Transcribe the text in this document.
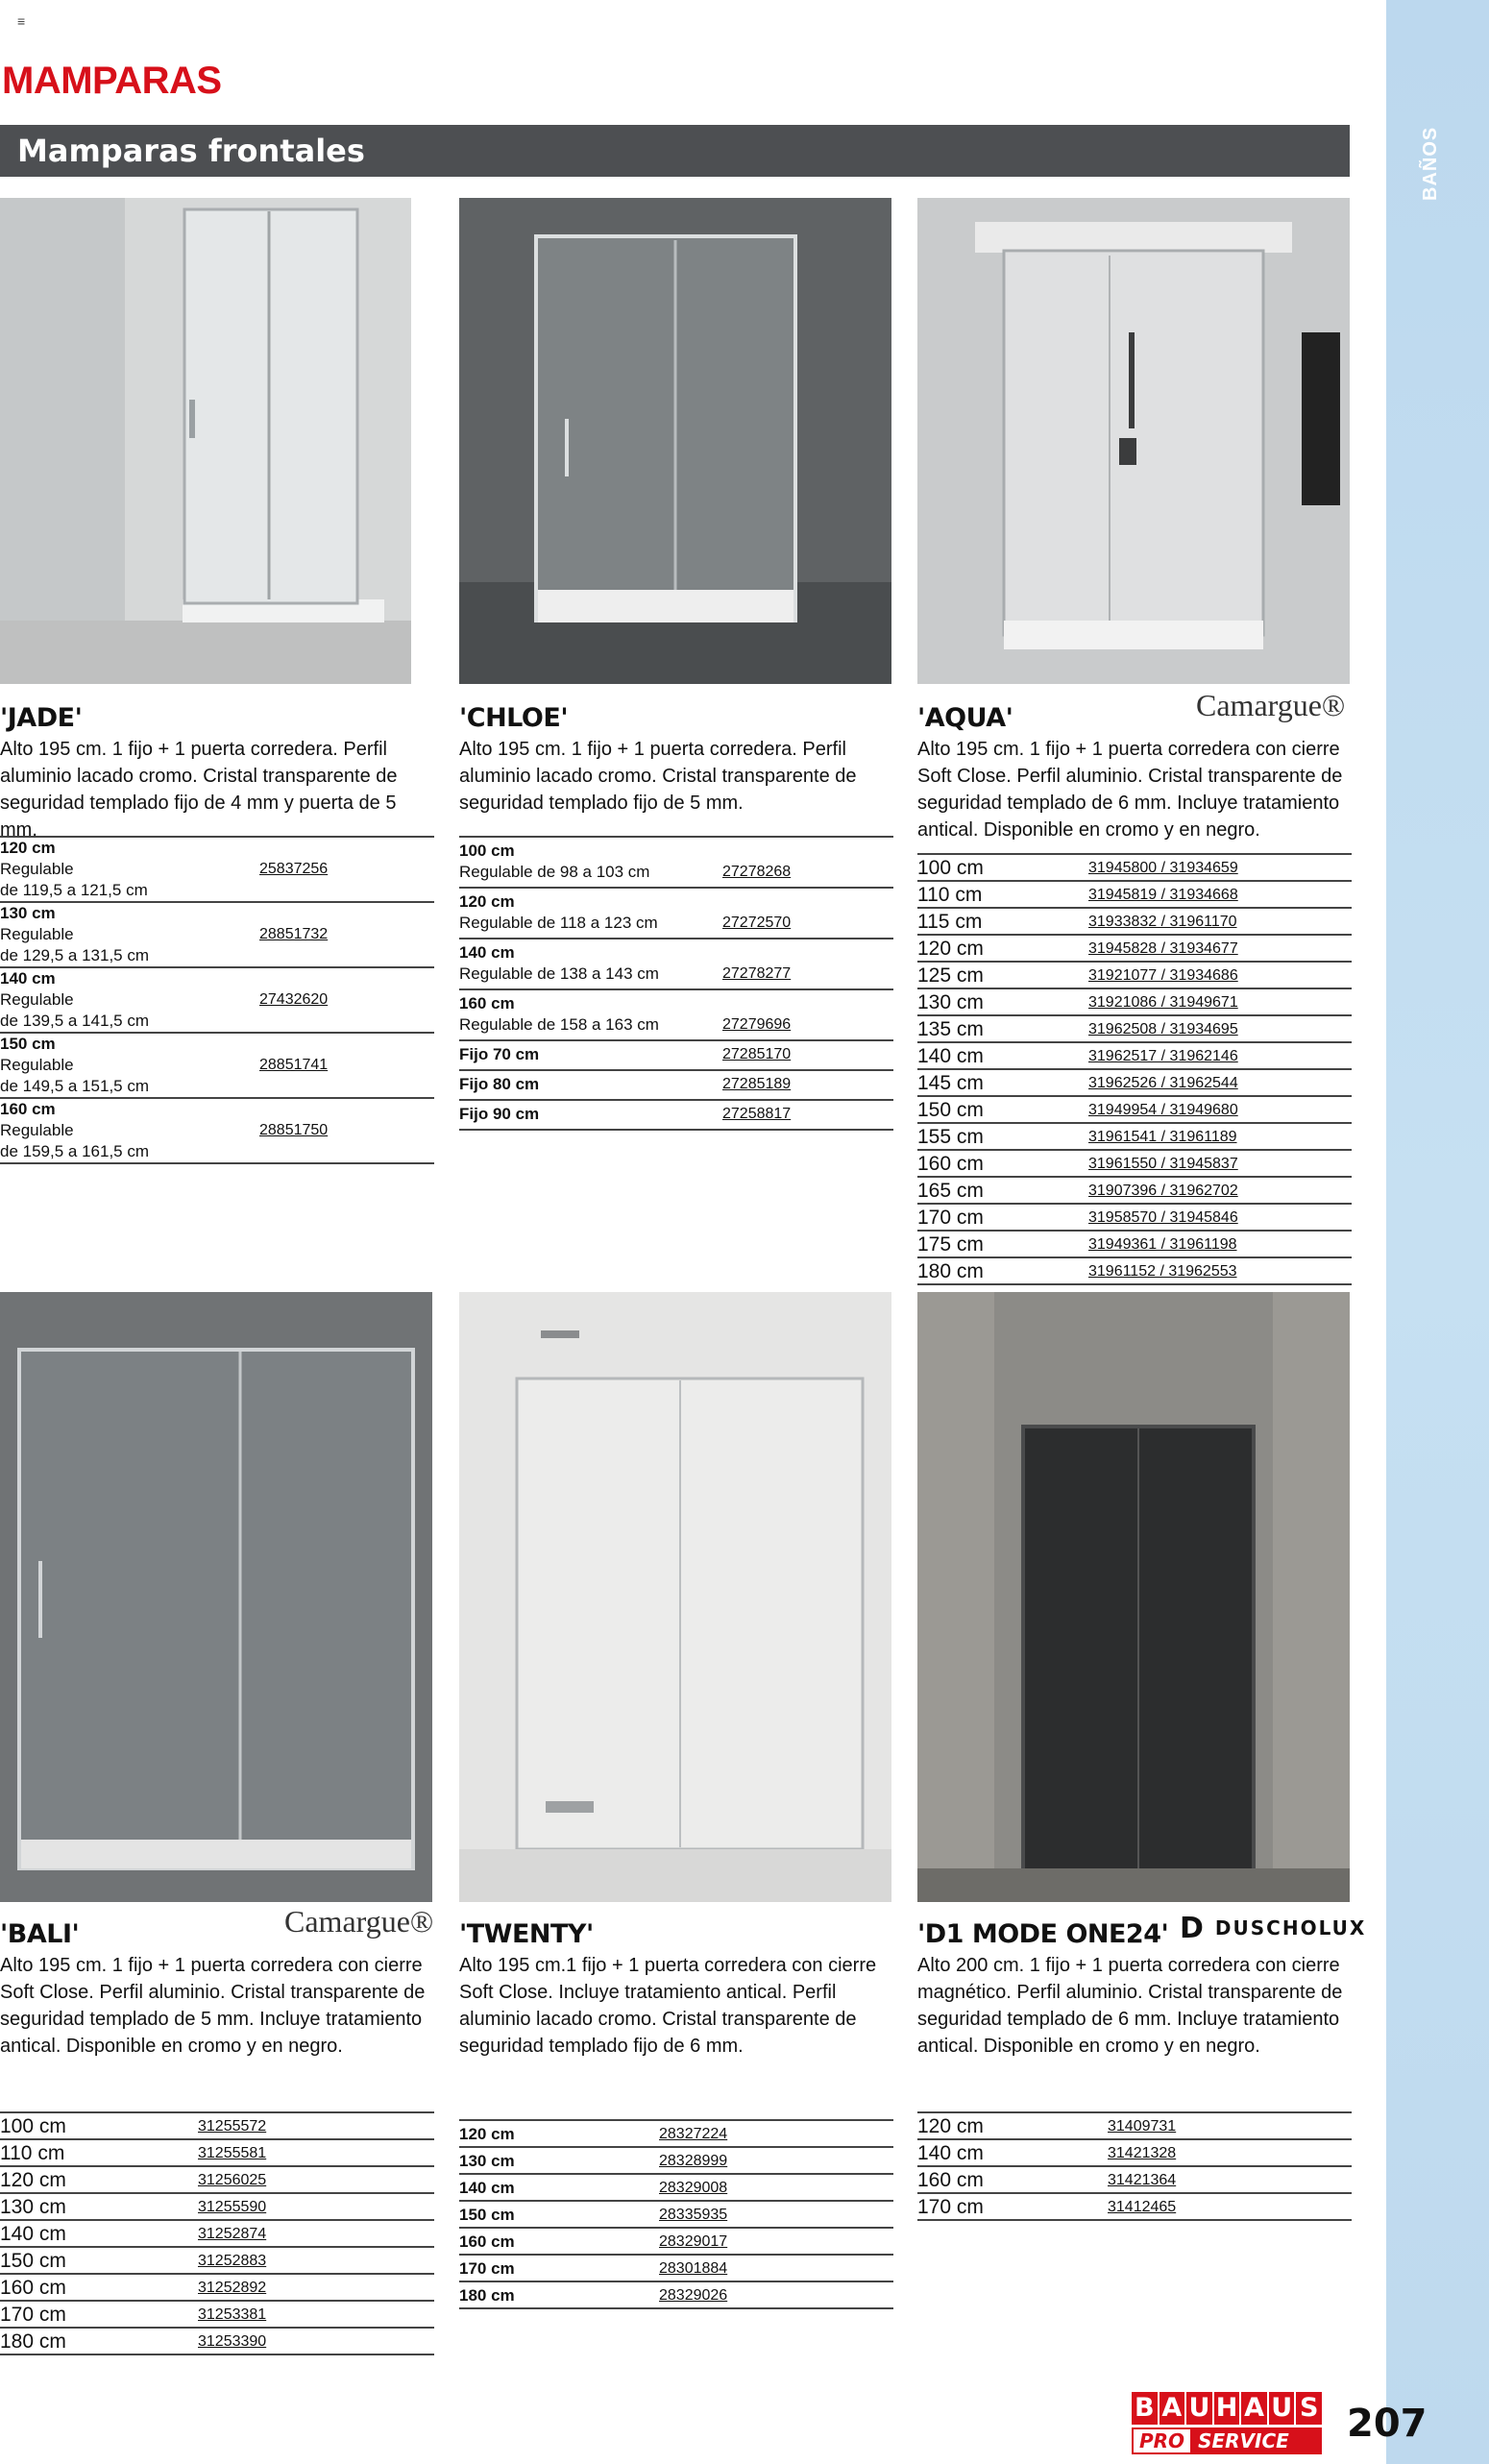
≡
BAÑOS
MAMPARAS
Mamparas frontales
'JADE'
Alto 195 cm. 1 fijo + 1 puerta corredera. Perfil aluminio lacado cromo. Cristal transparente de seguridad templado fijo de 4 mm y puerta de 5 mm.
120 cm
Regulable
de 119,5 a 121,5 cm	25837256

130 cm
Regulable
de 129,5 a 131,5 cm	28851732

140 cm
Regulable
de 139,5 a 141,5 cm	27432620

150 cm
Regulable
de 149,5 a 151,5 cm	28851741

160 cm
Regulable
de 159,5 a 161,5 cm	28851750
'CHLOE'
Alto 195 cm. 1 fijo + 1 puerta corredera. Perfil aluminio lacado cromo. Cristal transparente de seguridad templado fijo de 5 mm.
100 cm
Regulable de 98 a 103 cm	27278268

120 cm
Regulable de 118 a 123 cm	27272570

140 cm
Regulable de 138 a 143 cm	27278277

160 cm
Regulable de 158 a 163 cm	27279696

Fijo 70 cm	27285170

Fijo 80 cm	27285189

Fijo 90 cm	27258817
'AQUA'
Alto 195 cm. 1 fijo + 1 puerta corredera con cierre Soft Close. Perfil aluminio. Cristal transparente de seguridad templado de 6 mm. Incluye tratamiento antical. Disponible en cromo y en negro.
Camargue®
100 cm	31945800 / 31934659
110 cm	31945819 / 31934668
115 cm	31933832 / 31961170
120 cm	31945828 / 31934677
125 cm	31921077 / 31934686
130 cm	31921086 / 31949671
135 cm	31962508 / 31934695
140 cm	31962517 / 31962146
145 cm	31962526 / 31962544
150 cm	31949954 / 31949680
155 cm	31961541 / 31961189
160 cm	31961550 / 31945837
165 cm	31907396 / 31962702
170 cm	31958570 / 31945846
175 cm	31949361 / 31961198
180 cm	31961152 / 31962553
'BALI'
Alto 195 cm. 1 fijo + 1 puerta corredera con cierre Soft Close. Perfil aluminio. Cristal transparente de seguridad templado de 5 mm. Incluye tratamiento antical. Disponible en cromo y en negro.
Camargue®
100 cm	31255572
110 cm	31255581
120 cm	31256025
130 cm	31255590
140 cm	31252874
150 cm	31252883
160 cm	31252892
170 cm	31253381
180 cm	31253390
'TWENTY'
Alto 195 cm.1 fijo + 1 puerta corredera con cierre Soft Close. Incluye tratamiento antical. Perfil aluminio lacado cromo. Cristal transparente de seguridad templado fijo de 6 mm.
120 cm	28327224
130 cm	28328999
140 cm	28329008
150 cm	28335935
160 cm	28329017
170 cm	28301884
180 cm	28329026
'D1 MODE ONE24'
Alto 200 cm. 1 fijo + 1 puerta corredera con cierre magnético. Perfil aluminio. Cristal transparente de seguridad templado de 6 mm. Incluye tratamiento antical. Disponible en cromo y en negro.
DDUSCHOLUX
120 cm	31409731
140 cm	31421328
160 cm	31421364
170 cm	31412465
B A U H A U S
PRO SERVICE	207
